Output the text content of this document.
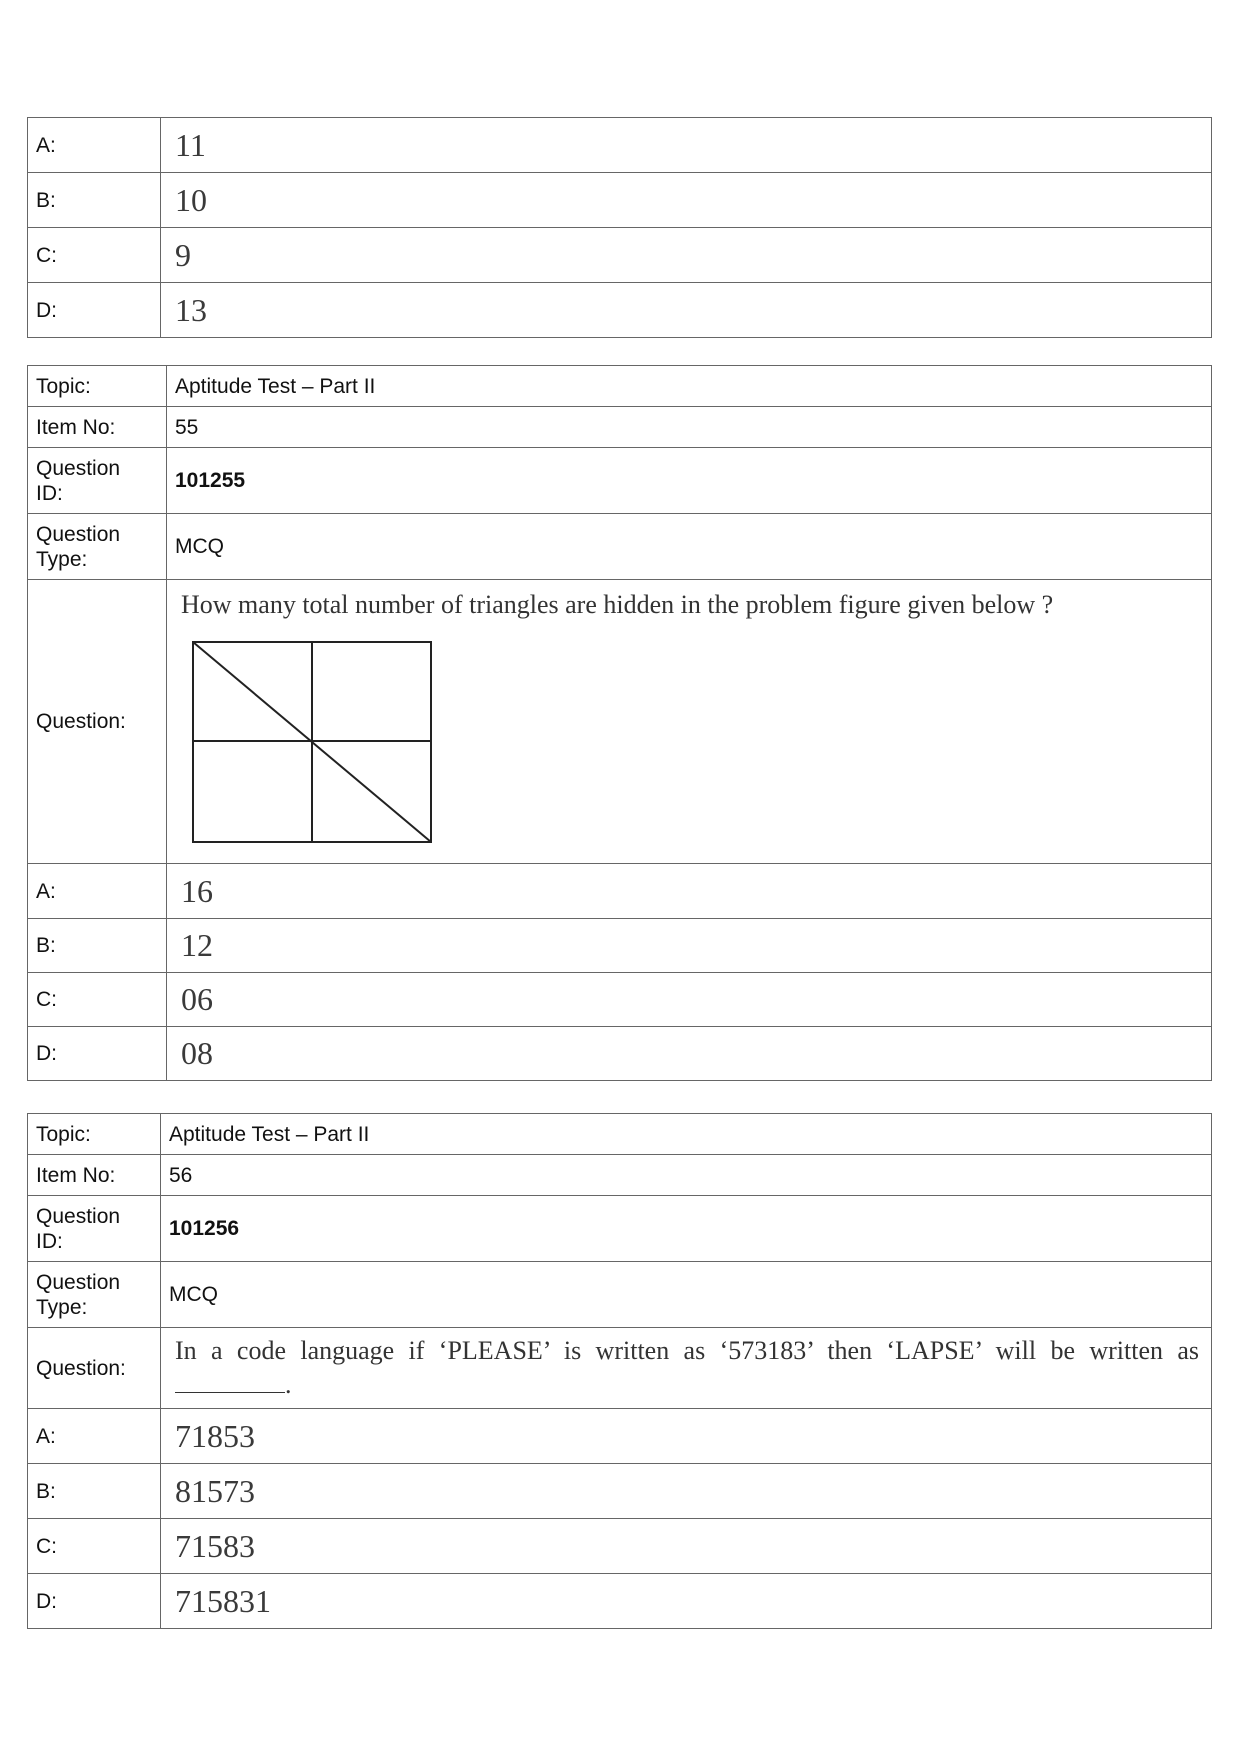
A:	11
B:	10
C:	9
D:	13
Topic:	Aptitude Test – Part II
Item No:	55
Question
ID:	101255
Question
Type:	MCQ
Question:	How many total number of triangles are hidden in the problem figure given below ?

A:	16
B:	12
C:	06
D:	08
Topic:	Aptitude Test – Part II
Item No:	56
Question
ID:	101256
Question
Type:	MCQ
Question:	In a code language if ‘PLEASE’ is written as ‘573183’ then ‘LAPSE’ will be written as
.

A:	71853
B:	81573
C:	71583
D:	715831
